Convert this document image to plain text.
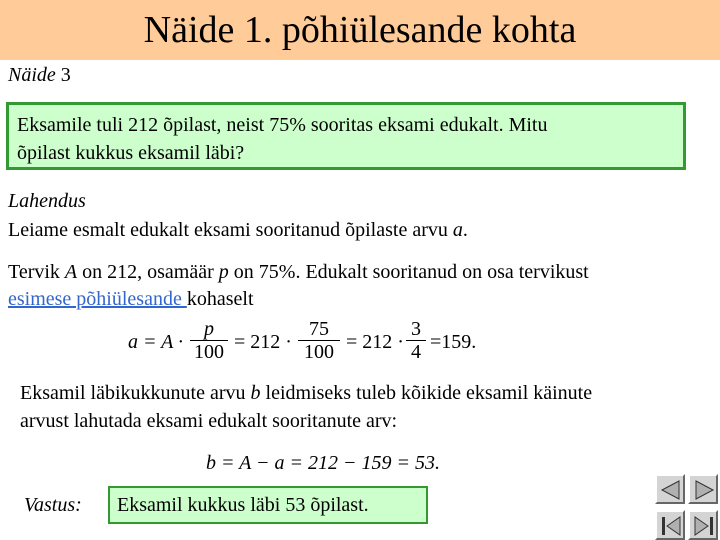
Näide 1. põhiülesande kohta
Näide 3
Eksamile tuli 212 õpilast, neist 75% sooritas eksami edukalt. Mitu
õpilast kukkus eksamil läbi?
Lahendus
Leiame esmalt edukalt eksami sooritanud õpilaste arvu a.
Tervik A on 212, osamäär p on 75%. Edukalt sooritanud on osa tervikust
esimese põhiülesande kohaselt
$a = A \cdot \frac{p}{100} = 212 \cdot \frac{75}{100} = 212 \cdot \frac{3}{4} =159$.
Eksamil läbikukkunute arvu b leidmiseks tuleb kõikide eksamil käinute
arvust lahutada eksami edukalt sooritanute arv:
b = A − a = 212 − 159 = 53.
Vastus:	Eksamil kukkus läbi 53 õpilast.
